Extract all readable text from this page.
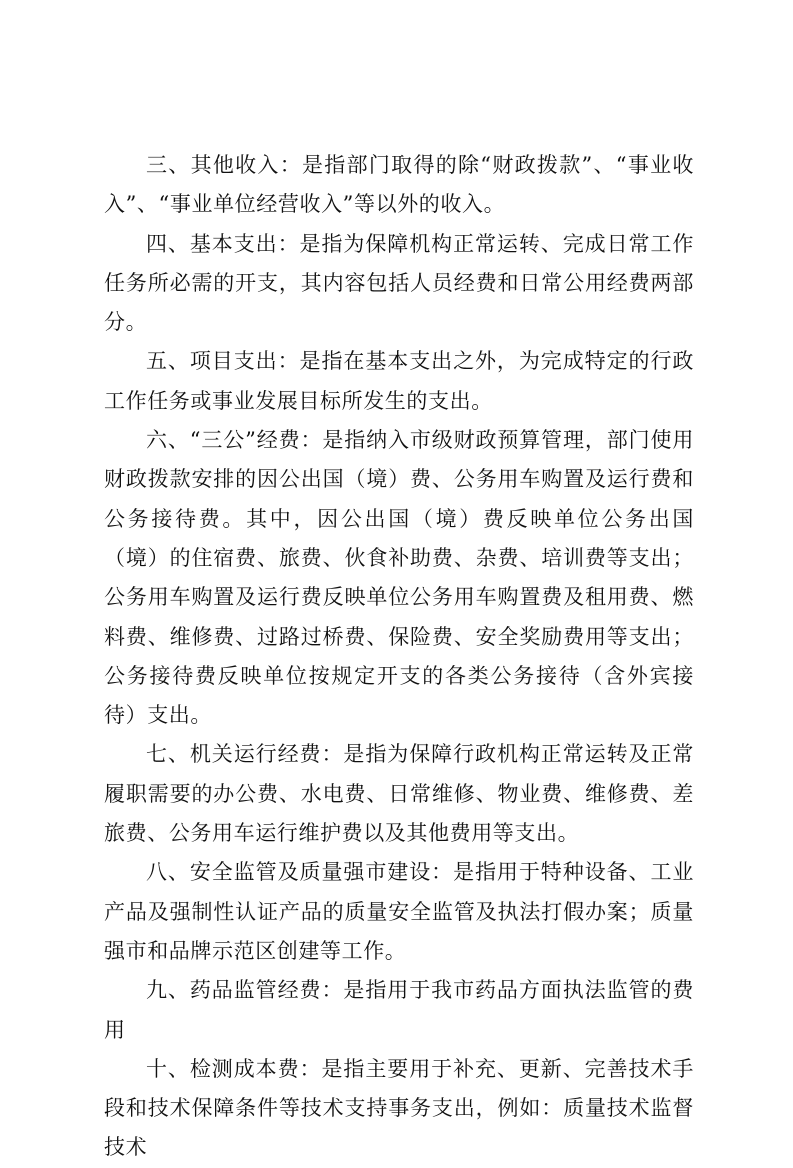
三、其他收入：是指部门取得的除“财政拨款”、“事业收入”、“事业单位经营收入”等以外的收入。

四、基本支出：是指为保障机构正常运转、完成日常工作任务所必需的开支，其内容包括人员经费和日常公用经费两部分。

五、项目支出：是指在基本支出之外，为完成特定的行政工作任务或事业发展目标所发生的支出。

六、“三公”经费：是指纳入市级财政预算管理，部门使用财政拨款安排的因公出国（境）费、公务用车购置及运行费和公务接待费。其中，因公出国（境）费反映单位公务出国（境）的住宿费、旅费、伙食补助费、杂费、培训费等支出；公务用车购置及运行费反映单位公务用车购置费及租用费、燃料费、维修费、过路过桥费、保险费、安全奖励费用等支出；公务接待费反映单位按规定开支的各类公务接待（含外宾接待）支出。

七、机关运行经费：是指为保障行政机构正常运转及正常履职需要的办公费、水电费、日常维修、物业费、维修费、差旅费、公务用车运行维护费以及其他费用等支出。

八、安全监管及质量强市建设：是指用于特种设备、工业产品及强制性认证产品的质量安全监管及执法打假办案；质量强市和品牌示范区创建等工作。

九、药品监管经费：是指用于我市药品方面执法监管的费用

十、检测成本费：是指主要用于补充、更新、完善技术手段和技术保障条件等技术支持事务支出，例如：质量技术监督技术
